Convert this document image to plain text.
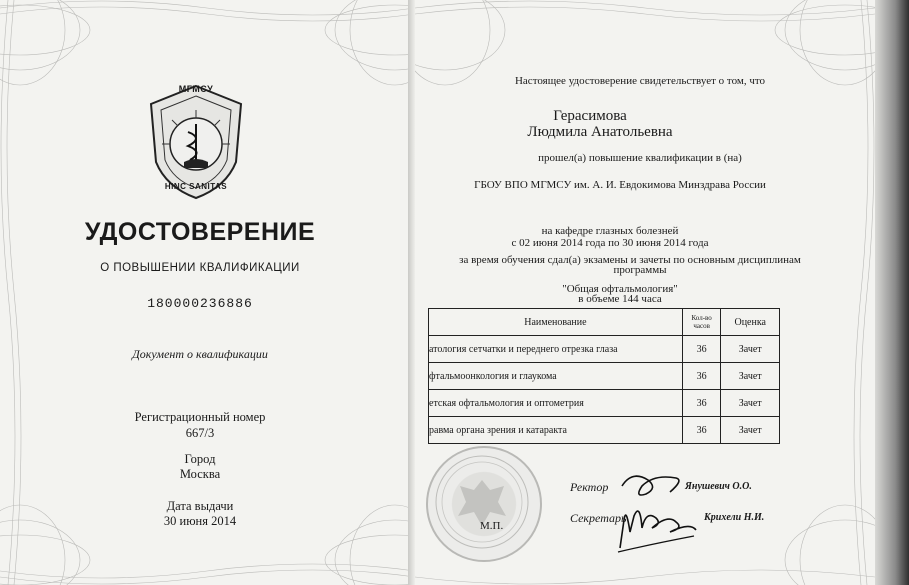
МГМСУ
HINC SANITAS
УДОСТОВЕРЕНИЕ
О ПОВЫШЕНИИ КВАЛИФИКАЦИИ
180000236886
Документ о квалификации
Регистрационный номер
667/3
Город
Москва
Дата выдачи
30 июня 2014
Настоящее удостоверение свидетельствует о том, что
Герасимова
Людмила Анатольевна
прошел(а) повышение квалификации в (на)
ГБОУ ВПО МГМСУ им. А. И. Евдокимова Минздрава России
на кафедре глазных болезней
с 02 июня 2014 года по 30 июня 2014 года
за время обучения сдал(а) экзамены и зачеты по основным дисциплинам
программы
"Общая офтальмология"
в объеме 144 часа
Наименование	Кол-во часов	Оценка
атология сетчатки и переднего отрезка глаза	36	Зачет
фтальмоонкология и глаукома	36	Зачет
етская офтальмология и оптометрия	36	Зачет
равма органа зрения и катаракта	36	Зачет
М.П.
Ректор	Янушевич О.О.
Секретарь	Крихели Н.И.
